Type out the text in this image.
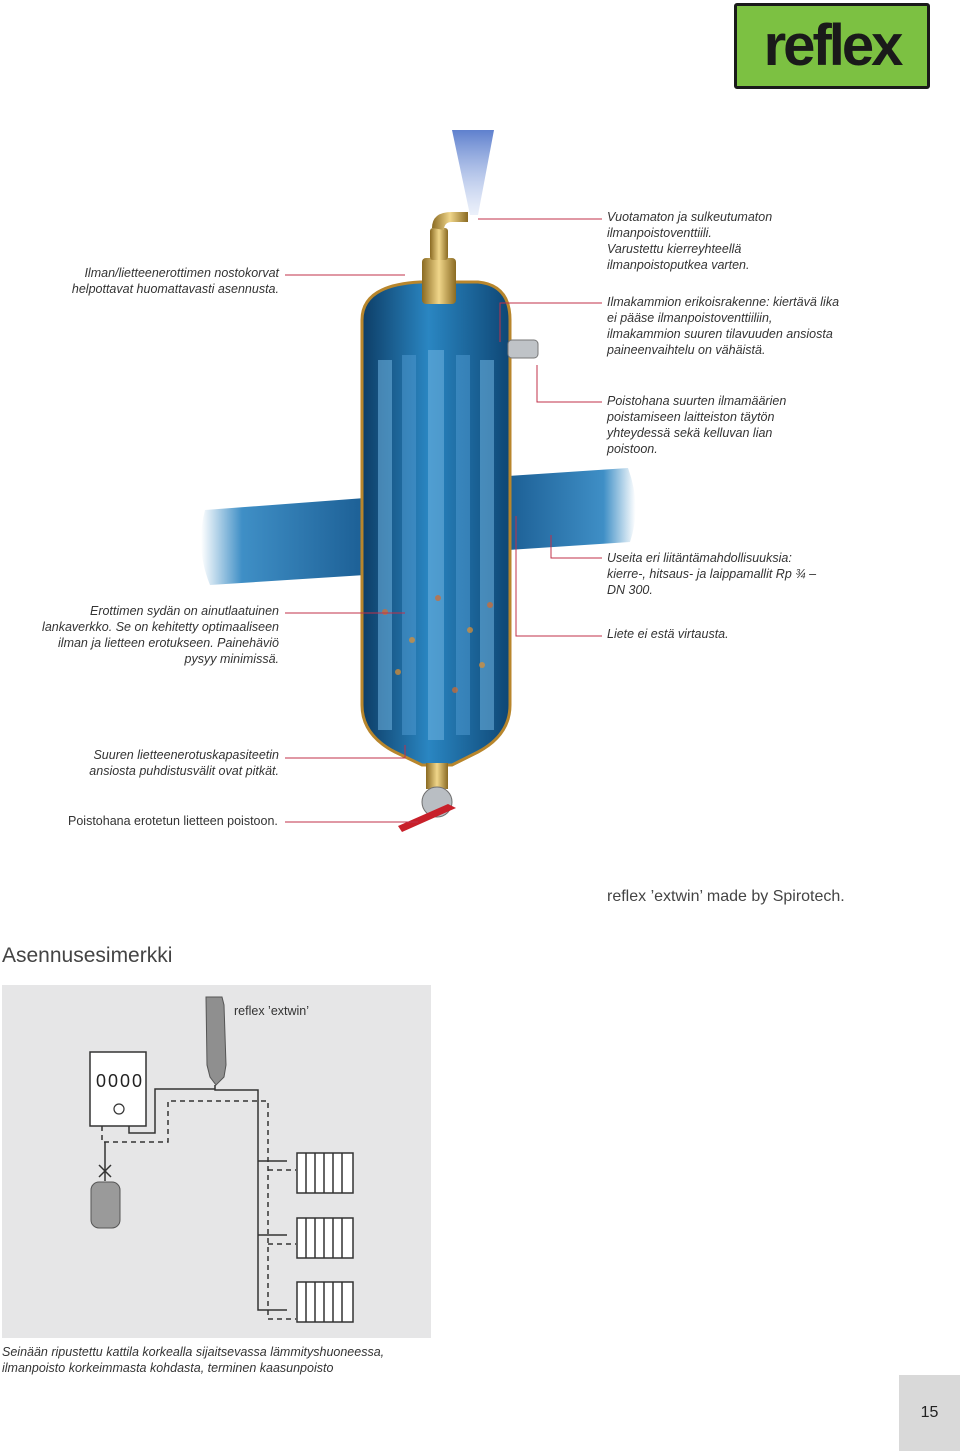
reflex
Ilman/lietteenerottimen nostokorvat
helpottavat huomattavasti asennusta.
Vuotamaton ja sulkeutumaton
ilmanpoistoventtiili.
Varustettu kierreyhteellä
ilmanpoistoputkea varten.
Ilmakammion erikoisrakenne: kiertävä lika
ei pääse ilmanpoistoventtiiliin,
ilmakammion suuren tilavuuden ansiosta
paineenvaihtelu on vähäistä.
Poistohana suurten ilmamäärien
poistamiseen laitteiston täytön
yhteydessä sekä kelluvan lian
poistoon.
Useita eri liitäntämahdollisuuksia:
kierre-, hitsaus- ja laippamallit Rp ¾ –
DN 300.
Erottimen sydän on ainutlaatuinen
lankaverkko. Se on kehitetty optimaaliseen
ilman ja lietteen erotukseen. Painehäviö
pysyy minimissä.
Liete ei estä virtausta.
Suuren lietteenerotuskapasiteetin
ansiosta puhdistusvälit ovat pitkät.
Poistohana erotetun lietteen poistoon.
reflex ’extwin’ made by Spirotech.
Asennusesimerkki
0000
reflex ’extwin’
Seinään ripustettu kattila korkealla sijaitsevassa lämmityshuoneessa,
ilmanpoisto korkeimmasta kohdasta, terminen kaasunpoisto
15
